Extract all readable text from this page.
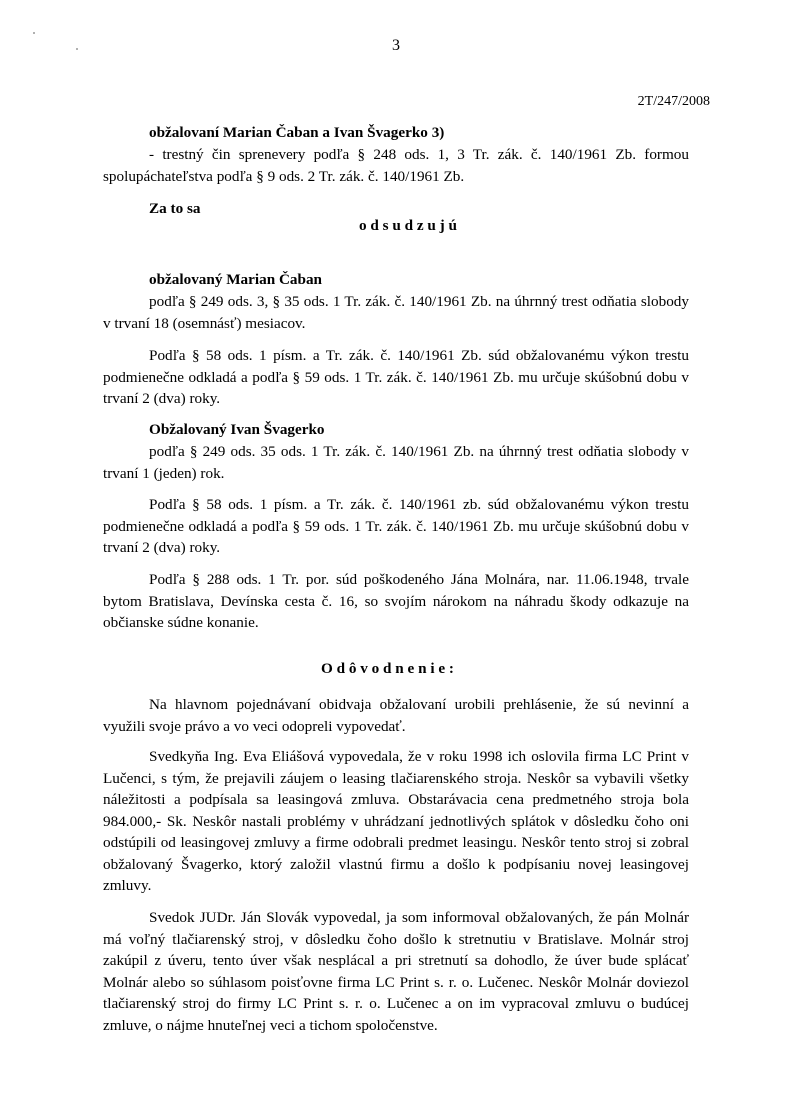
3
2T/247/2008
obžalovaní Marian Čaban a Ivan Švagerko 3)
- trestný čin sprenevery podľa § 248 ods. 1, 3 Tr. zák. č. 140/1961 Zb. formou spolupáchateľstva podľa § 9 ods. 2 Tr. zák. č. 140/1961 Zb.
Za to sa
odsudzujú
obžalovaný Marian Čaban
podľa § 249 ods. 3, § 35 ods. 1 Tr. zák. č. 140/1961 Zb. na úhrnný trest odňatia slobody v trvaní 18 (osemnásť) mesiacov.
Podľa § 58 ods. 1 písm. a Tr. zák. č. 140/1961 Zb. súd obžalovanému výkon trestu podmienečne odkladá a podľa § 59 ods. 1 Tr. zák. č. 140/1961 Zb. mu určuje skúšobnú dobu v trvaní 2 (dva) roky.
Obžalovaný Ivan Švagerko
podľa § 249 ods. 35 ods. 1 Tr. zák. č. 140/1961 Zb. na úhrnný trest odňatia slobody v trvaní 1 (jeden) rok.
Podľa § 58 ods. 1 písm. a Tr. zák. č. 140/1961 zb. súd obžalovanému výkon trestu podmienečne odkladá a podľa § 59 ods. 1 Tr. zák. č. 140/1961 Zb. mu určuje skúšobnú dobu v trvaní 2 (dva) roky.
Podľa § 288 ods. 1 Tr. por. súd poškodeného Jána Molnára, nar. 11.06.1948, trvale bytom Bratislava, Devínska cesta č. 16, so svojím nárokom na náhradu škody odkazuje na občianske súdne konanie.
Odôvodnenie:
Na hlavnom pojednávaní obidvaja obžalovaní urobili prehlásenie, že sú nevinní a využili svoje právo a vo veci odopreli vypovedať.
Svedkyňa Ing. Eva Eliášová vypovedala, že v roku 1998 ich oslovila firma LC Print v Lučenci, s tým, že prejavili záujem o leasing tlačiarenského stroja. Neskôr sa vybavili všetky náležitosti a podpísala sa leasingová zmluva. Obstarávacia cena predmetného stroja bola 984.000,- Sk. Neskôr nastali problémy v uhrádzaní jednotlivých splátok v dôsledku čoho oni odstúpili od leasingovej zmluvy a firme odobrali predmet leasingu. Neskôr tento stroj si zobral obžalovaný Švagerko, ktorý založil vlastnú firmu a došlo k podpísaniu novej leasingovej zmluvy.
Svedok JUDr. Ján Slovák vypovedal, ja som informoval obžalovaných, že pán Molnár má voľný tlačiarenský stroj, v dôsledku čoho došlo k stretnutiu v Bratislave. Molnár stroj zakúpil z úveru, tento úver však nesplácal a pri stretnutí sa dohodlo, že úver bude splácať Molnár alebo so súhlasom poisťovne firma LC Print s. r. o. Lučenec. Neskôr Molnár doviezol tlačiarenský stroj do firmy LC Print s. r. o. Lučenec a on im vypracoval zmluvu o budúcej zmluve, o nájme hnuteľnej veci a tichom spoločenstve.
